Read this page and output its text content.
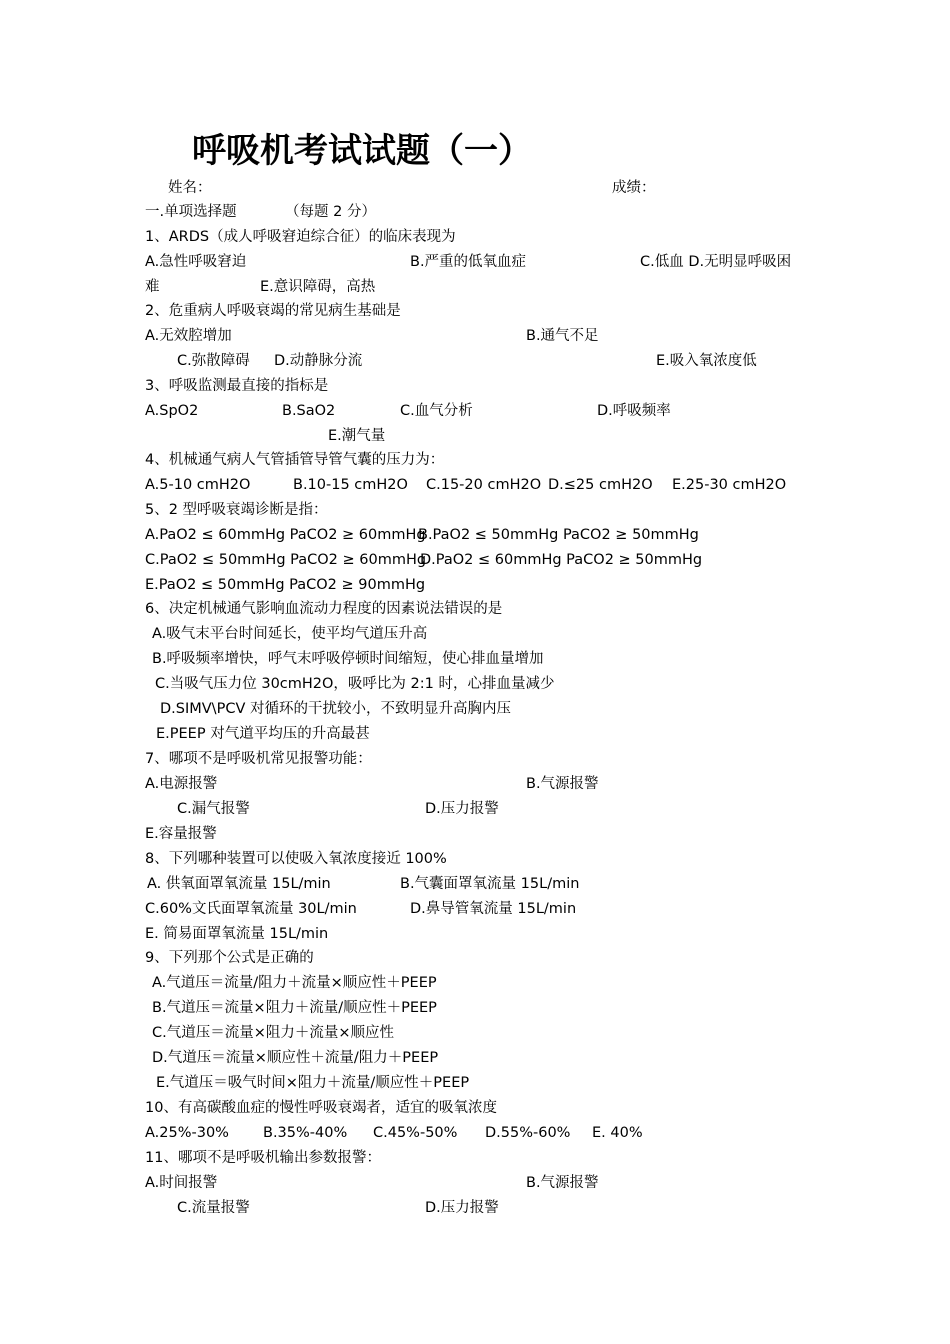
呼吸机考试试题（一）
姓名：	成绩：
一.单项选择题	（每题 2 分）
1、ARDS（成人呼吸窘迫综合征）的临床表现为
A.急性呼吸窘迫	B.严重的低氧血症	C.低血 D.无明显呼吸困
难	E.意识障碍，高热
2、危重病人呼吸衰竭的常见病生基础是
A.无效腔增加	B.通气不足
C.弥散障碍 D.动静脉分流	E.吸入氧浓度低
3、呼吸监测最直接的指标是
A.SpO2	B.SaO2	C.血气分析	D.呼吸频率
E.潮气量
4、机械通气病人气管插管导管气囊的压力为：
A.5-10 cmH2O	B.10-15 cmH2O C.15-20 cmH2O D.≤25 cmH2O E.25-30 cmH2O
5、2 型呼吸衰竭诊断是指：
A.PaO2 ≤ 60mmHg PaCO2 ≥ 60mmHg
B.PaO2 ≤ 50mmHg PaCO2 ≥ 50mmHg
C.PaO2 ≤ 50mmHg PaCO2 ≥ 60mmHg
D.PaO2 ≤ 60mmHg PaCO2 ≥ 50mmHg
E.PaO2 ≤ 50mmHg PaCO2 ≥ 90mmHg
6、决定机械通气影响血流动力程度的因素说法错误的是
A.吸气末平台时间延长，使平均气道压升高
B.呼吸频率增快，呼气末呼吸停顿时间缩短，使心排血量增加
C.当吸气压力位 30cmH2O，吸呼比为 2:1 时，心排血量减少
D.SIMV\PCV 对循环的干扰较小，不致明显升高胸内压
E.PEEP 对气道平均压的升高最甚
7、哪项不是呼吸机常见报警功能：
A.电源报警	B.气源报警
C.漏气报警	D.压力报警
E.容量报警
8、下列哪种装置可以使吸入氧浓度接近 100%
A. 供氧面罩氧流量 15L/min	B.气囊面罩氧流量 15L/min
C.60%文氏面罩氧流量 30L/min	D.鼻导管氧流量 15L/min
E. 简易面罩氧流量 15L/min
9、下列那个公式是正确的
A.气道压＝流量/阻力＋流量×顺应性＋PEEP
B.气道压＝流量×阻力＋流量/顺应性＋PEEP
C.气道压＝流量×阻力＋流量×顺应性
D.气道压＝流量×顺应性＋流量/阻力＋PEEP
E.气道压＝吸气时间×阻力＋流量/顺应性＋PEEP
10、有高碳酸血症的慢性呼吸衰竭者，适宜的吸氧浓度
A.25%-30% B.35%-40% C.45%-50% D.55%-60% E. 40%
11、哪项不是呼吸机输出参数报警：
A.时间报警	B.气源报警
C.流量报警	D.压力报警
